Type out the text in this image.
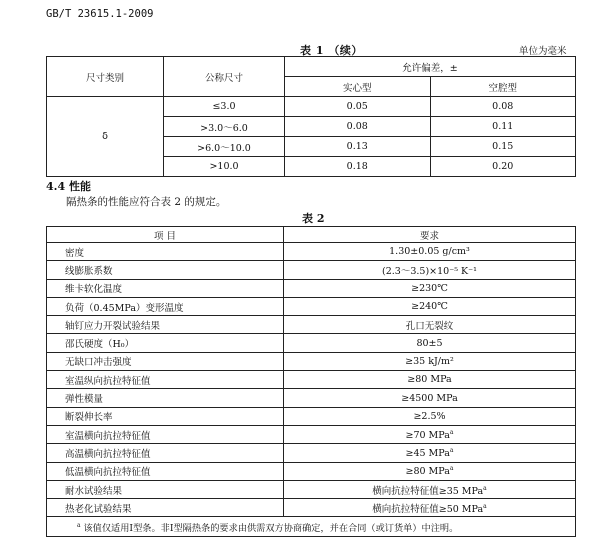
GB/T 23615.1-2009
表 1 （续）	单位为毫米
尺寸类别	公称尺寸	允许偏差，±	
		实心型	空腔型
δ	≤3.0	0.05	0.08
	>3.0～6.0	0.08	0.11
	>6.0～10.0	0.13	0.15
	>10.0	0.18	0.20
4.4 性能
隔热条的性能应符合表 2 的规定。
表 2
项 目	要求
密度	1.30±0.05 g/cm³
线膨胀系数	(2.3～3.5)×10⁻⁵ K⁻¹
维卡软化温度	≥230℃
负荷（0.45MPa）变形温度	≥240℃
轴钉应力开裂试验结果	孔口无裂纹
邵氏硬度（H₀）	80±5
无缺口冲击强度	≥35 kJ/m²
室温纵向抗拉特征值	≥80 MPa
弹性模量	≥4500 MPa
断裂伸长率	≥2.5%
室温横向抗拉特征值	≥70 MPa$^a$
高温横向抗拉特征值	≥45 MPa$^a$
低温横向抗拉特征值	≥80 MPa$^a$
耐水试验结果	横向抗拉特征值≥35 MPa$^a$
热老化试验结果	横向抗拉特征值≥50 MPa$^a$
$^a$ 该值仅适用I型条。非I型隔热条的要求由供需双方协商确定，并在合同（或订货单）中注明。	
